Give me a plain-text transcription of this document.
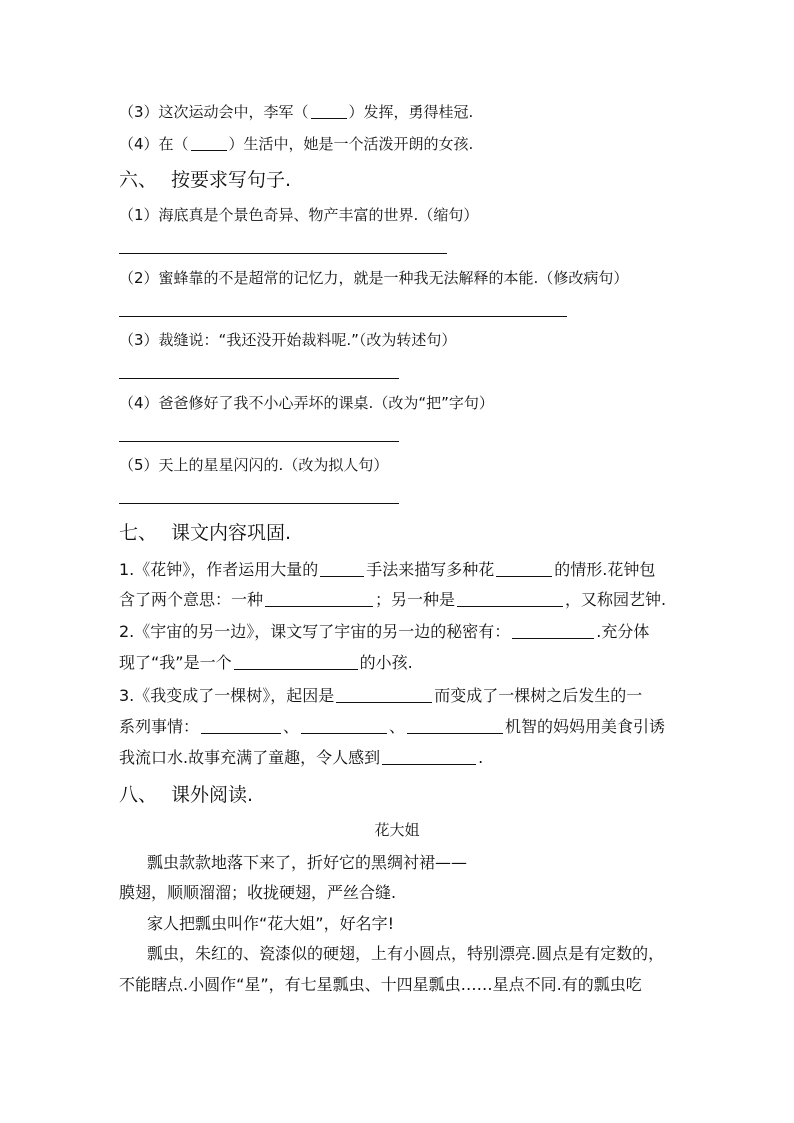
（3）这次运动会中，李军（	）发挥，勇得桂冠.
（4）在（	）生活中，她是一个活泼开朗的女孩.
六、 按要求写句子.
（1）海底真是个景色奇异、物产丰富的世界.（缩句）
（2）蜜蜂靠的不是超常的记忆力，就是一种我无法解释的本能.（修改病句）
（3）裁缝说：“我还没开始裁料呢.”（改为转述句）
（4）爸爸修好了我不小心弄坏的课桌.（改为“把”字句）
（5）天上的星星闪闪的.（改为拟人句）
七、 课文内容巩固.
1.《花钟》，作者运用大量的	手法来描写多种花	的情形.花钟包
含了两个意思：一种	；另一种是	，又称园艺钟.
2.《宇宙的另一边》，课文写了宇宙的另一边的秘密有：	.充分体
现了“我”是一个	的小孩.
3.《我变成了一棵树》，起因是	而变成了一棵树之后发生的一
系列事情：	、	、	机智的妈妈用美食引诱
我流口水.故事充满了童趣，令人感到	.
八、 课外阅读.
花大姐
瓢虫款款地落下来了，折好它的黑绸衬裙——
膜翅，顺顺溜溜；收拢硬翅，严丝合缝.
家人把瓢虫叫作“花大姐”，好名字!
瓢虫，朱红的、瓷漆似的硬翅，上有小圆点，特别漂亮.圆点是有定数的，
不能瞎点.小圆作“星”，有七星瓢虫、十四星瓢虫……星点不同.有的瓢虫吃
